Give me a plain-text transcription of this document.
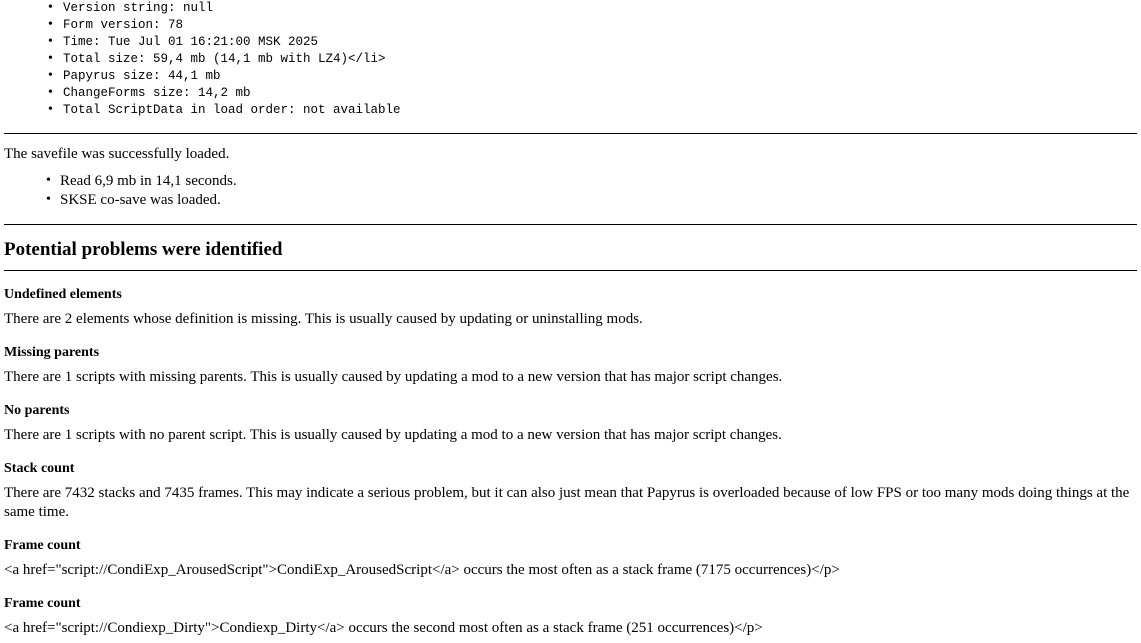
• Version string: null
• Form version: 78
• Time: Tue Jul 01 16:21:00 MSK 2025
• Total size: 59,4 mb (14,1 mb with LZ4)</li>
• Papyrus size: 44,1 mb
• ChangeForms size: 14,2 mb
• Total ScriptData in load order: not available

The savefile was successfully loaded.

• Read 6,9 mb in 14,1 seconds.
• SKSE co-save was loaded.
Potential problems were identified
Undefined elements

There are 2 elements whose definition is missing. This is usually caused by updating or uninstalling mods.

Missing parents

There are 1 scripts with missing parents. This is usually caused by updating a mod to a new version that has major script changes.

No parents

There are 1 scripts with no parent script. This is usually caused by updating a mod to a new version that has major script changes.

Stack count

There are 7432 stacks and 7435 frames. This may indicate a serious problem, but it can also just mean that Papyrus is overloaded because of low FPS or too many mods doing things at the same time.

Frame count

<a href="script://CondiExp_ArousedScript">CondiExp_ArousedScript</a> occurs the most often as a stack frame (7175 occurrences)</p>

Frame count

<a href="script://Condiexp_Dirty">Condiexp_Dirty</a> occurs the second most often as a stack frame (251 occurrences)</p>
